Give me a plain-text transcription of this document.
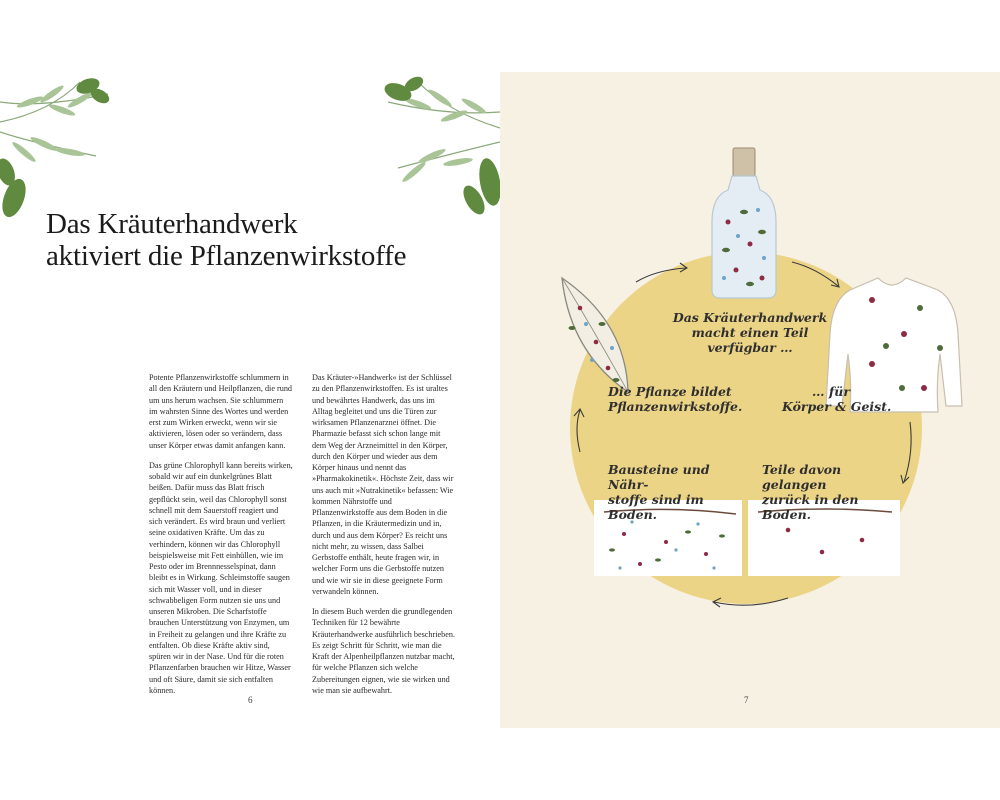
Das Kräuterhandwerk
aktiviert die Pflanzenwirkstoffe

Potente Pflanzenwirkstoffe schlummern in all den Kräutern und Heilpflanzen, die rund um uns herum wachsen. Sie schlummern im wahrsten Sinne des Wortes und werden erst zum Wirken erweckt, wenn wir sie aktivieren, lösen oder so verändern, dass unser Körper etwas damit anfangen kann.

Das grüne Chlorophyll kann bereits wirken, sobald wir auf ein dunkelgrünes Blatt beißen. Dafür muss das Blatt frisch gepflückt sein, weil das Chlorophyll sonst schnell mit dem Sauerstoff reagiert und sich verändert. Es wird braun und verliert seine oxidativen Kräfte. Um das zu verhindern, können wir das Chlorophyll beispielsweise mit Fett einhüllen, wie im Pesto oder im Brennnesselspinat, dann bleibt es in Wirkung. Schleimstoffe saugen sich mit Wasser voll, und in dieser schwabbeligen Form nutzen sie uns und unseren Mikroben. Die Scharfstoffe brauchen Unterstützung von Enzymen, um in Freiheit zu gelangen und ihre Kräfte zu entfalten. Ob diese Kräfte aktiv sind, spüren wir in der Nase. Und für die roten Pflanzenfarben brauchen wir Hitze, Wasser und oft Säure, damit sie sich entfalten können.

Das Kräuter-»Handwerk« ist der Schlüssel zu den Pflanzenwirkstoffen. Es ist uraltes und bewährtes Handwerk, das uns im Alltag begleitet und uns die Türen zur wirksamen Pflanzenarznei öffnet. Die Pharmazie befasst sich schon lange mit dem Weg der Arzneimittel in den Körper, durch den Körper und wieder aus dem Körper hinaus und nennt das »Pharmakokinetik«. Höchste Zeit, dass wir uns auch mit »Nutrakinetik« befassen: Wie kommen Nährstoffe und Pflanzenwirkstoffe aus dem Boden in die Pflanzen, in die Kräutermedizin und in, durch und aus dem Körper? Es reicht uns nicht mehr, zu wissen, dass Salbei Gerbstoffe enthält, heute fragen wir, in welcher Form uns die Gerbstoffe nutzen und wie wir sie in diese geeignete Form verwandeln können.

In diesem Buch werden die grundlegenden Techniken für 12 bewährte Kräuterhandwerke ausführlich beschrieben. Es zeigt Schritt für Schritt, wie man die Kraft der Alpenheilpflanzen nutzbar macht, für welche Pflanzen sich welche Zubereitungen eignen, wie sie wirken und wie man sie aufbewahrt.

6
Das Kräuterhandwerk
macht einen Teil verfügbar …
Die Pflanze bildet
Pflanzenwirkstoffe.
… für
Körper & Geist.
Bausteine und Nähr-
stoffe sind im Boden.
Teile davon gelangen
zurück in den Boden.
7
